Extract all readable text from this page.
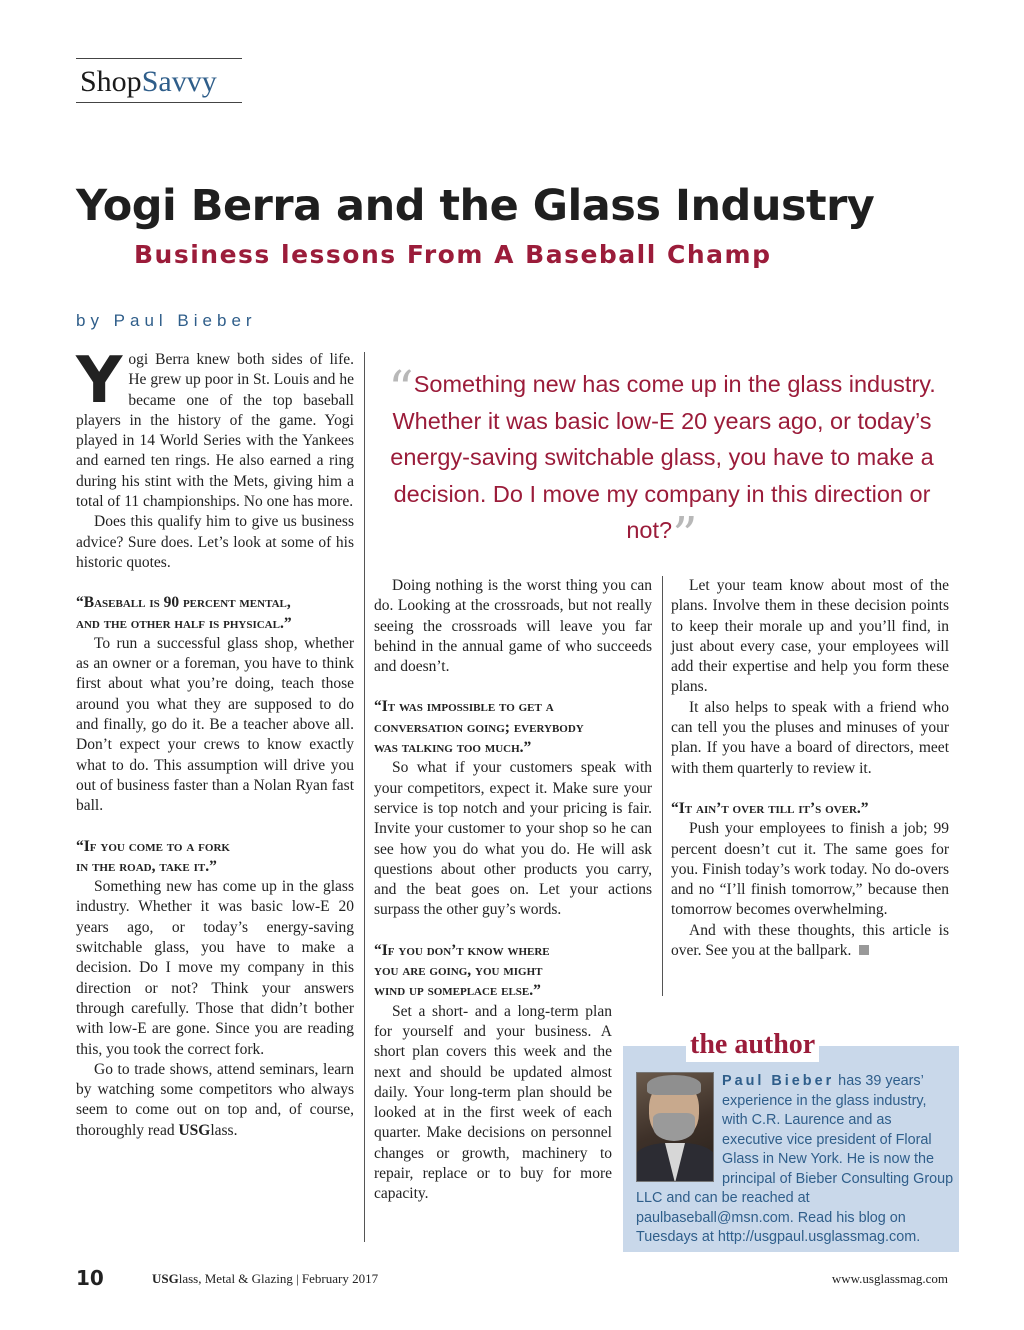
ShopSavvy
Yogi Berra and the Glass Industry
Business lessons From A Baseball Champ
by Paul Bieber

Yogi Berra knew both sides of life. He grew up poor in St. Louis and he became one of the top baseball players in the history of the game. Yogi played in 14 World Series with the Yankees and earned ten rings. He also earned a ring during his stint with the Mets, giving him a total of 11 championships. No one has more.

Does this qualify him to give us business advice? Sure does. Let’s look at some of his historic quotes.

“Baseball is 90 percent mental,
and the other half is physical.”

To run a successful glass shop, whether as an owner or a foreman, you have to think first about what you’re doing, teach those around you what they are supposed to do and finally, go do it. Be a teacher above all. Don’t expect your crews to know exactly what to do. This assumption will drive you out of business faster than a Nolan Ryan fast ball.

“If you come to a fork
in the road, take it.”

Something new has come up in the glass industry. Whether it was basic low-E 20 years ago, or today’s energy-saving switchable glass, you have to make a decision. Do I move my company in this direction or not? Think your answers through carefully. Those that didn’t bother with low-E are gone. Since you are reading this, you took the correct fork.

Go to trade shows, attend seminars, learn by watching some competitors who always seem to come out on top and, of course, thoroughly read USGlass.

“Something new has come up in the glass industry. Whether it was basic low-E 20 years ago, or today’s energy-saving switchable glass, you have to make a decision. Do I move my company in this direction or not?”

Doing nothing is the worst thing you can do. Looking at the crossroads, but not really seeing the crossroads will leave you far behind in the annual game of who succeeds and doesn’t.

“It was impossible to get a
conversation going; everybody
was talking too much.”

So what if your customers speak with your competitors, expect it. Make sure your service is top notch and your pricing is fair. Invite your customer to your shop so he can see how you do what you do. He will ask questions about other products you carry, and the beat goes on. Let your actions surpass the other guy’s words.

“If you don’t know where
you are going, you might
wind up someplace else.”

Set a short- and a long-term plan for yourself and your business. A short plan covers this week and the next and should be updated almost daily. Your long-term plan should be looked at in the first week of each quarter. Make decisions on personnel changes or growth, machinery to repair, replace or to buy for more capacity.

Let your team know about most of the plans. Involve them in these decision points to keep their morale up and you’ll find, in just about every case, your employees will add their expertise and help you form these plans.

It also helps to speak with a friend who can tell you the pluses and minuses of your plan. If you have a board of directors, meet with them quarterly to review it.

“It ain’t over till it’s over.”

Push your employees to finish a job; 99 percent doesn’t cut it. The same goes for you. Finish today’s work today. No do-overs and no “I’ll finish tomorrow,” because then tomorrow becomes overwhelming.

And with these thoughts, this article is over. See you at the ballpark.

the author
Paul Bieber has 39 years’ experience in the glass industry, with C.R. Laurence and as executive vice president of Floral Glass in New York. He is now the principal of Bieber Consulting Group LLC and can be reached at paulbaseball@msn.com. Read his blog on Tuesdays at http://usgpaul.usglassmag.com.
10	USGlass, Metal & Glazing | February 2017	www.usglassmag.com
